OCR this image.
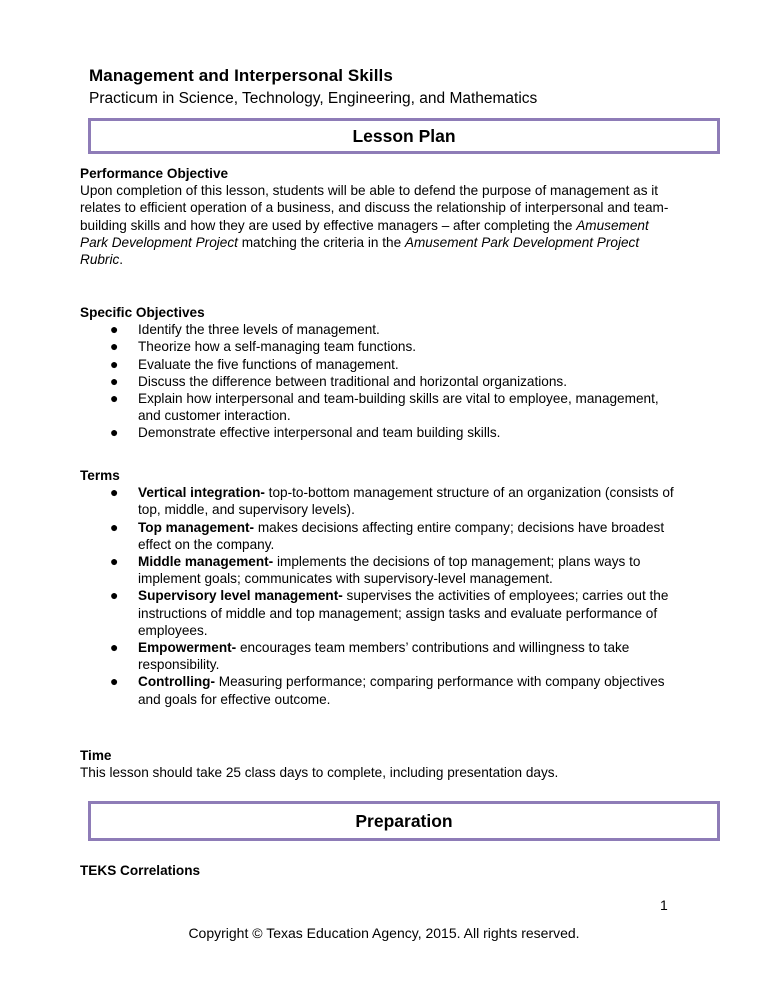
Management and Interpersonal Skills
Practicum in Science, Technology, Engineering, and Mathematics
Lesson Plan
Performance Objective

Upon completion of this lesson, students will be able to defend the purpose of management as it relates to efficient operation of a business, and discuss the relationship of interpersonal and team-building skills and how they are used by effective managers – after completing the Amusement Park Development Project matching the criteria in the Amusement Park Development Project Rubric.

Specific Objectives
● Identify the three levels of management.
● Theorize how a self-managing team functions.
● Evaluate the five functions of management.
● Discuss the difference between traditional and horizontal organizations.
● Explain how interpersonal and team-building skills are vital to employee, management, and customer interaction.
● Demonstrate effective interpersonal and team building skills.
Terms
● Vertical integration- top-to-bottom management structure of an organization (consists of top, middle, and supervisory levels).
● Top management- makes decisions affecting entire company; decisions have broadest effect on the company.
● Middle management- implements the decisions of top management; plans ways to implement goals; communicates with supervisory-level management.
● Supervisory level management- supervises the activities of employees; carries out the instructions of middle and top management; assign tasks and evaluate performance of employees.
● Empowerment- encourages team members’ contributions and willingness to take responsibility.
● Controlling- Measuring performance; comparing performance with company objectives and goals for effective outcome.
Time

This lesson should take 25 class days to complete, including presentation days.

Preparation
TEKS Correlations
1
Copyright © Texas Education Agency, 2015. All rights reserved.
